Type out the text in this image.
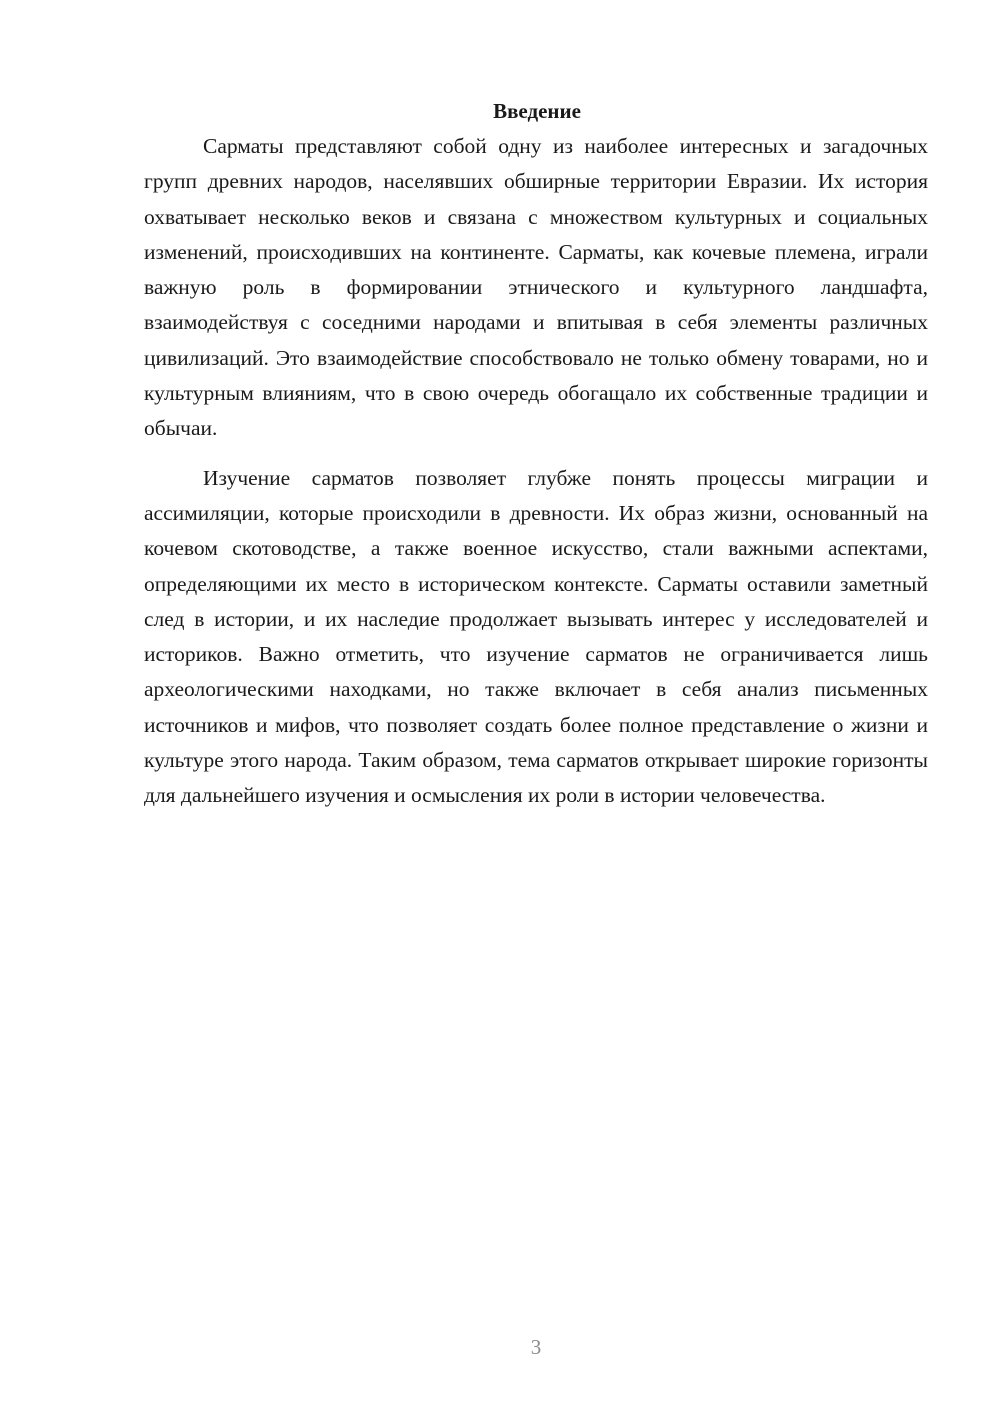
Введение

Сарматы представляют собой одну из наиболее интересных и загадочных групп древних народов, населявших обширные территории Евразии. Их история охватывает несколько веков и связана с множеством культурных и социальных изменений, происходивших на континенте. Сарматы, как кочевые племена, играли важную роль в формировании этнического и культурного ландшафта, взаимодействуя с соседними народами и впитывая в себя элементы различных цивилизаций. Это взаимодействие способствовало не только обмену товарами, но и культурным влияниям, что в свою очередь обогащало их собственные традиции и обычаи.

Изучение сарматов позволяет глубже понять процессы миграции и ассимиляции, которые происходили в древности. Их образ жизни, основанный на кочевом скотоводстве, а также военное искусство, стали важными аспектами, определяющими их место в историческом контексте. Сарматы оставили заметный след в истории, и их наследие продолжает вызывать интерес у исследователей и историков. Важно отметить, что изучение сарматов не ограничивается лишь археологическими находками, но также включает в себя анализ письменных источников и мифов, что позволяет создать более полное представление о жизни и культуре этого народа. Таким образом, тема сарматов открывает широкие горизонты для дальнейшего изучения и осмысления их роли в истории человечества.

3
